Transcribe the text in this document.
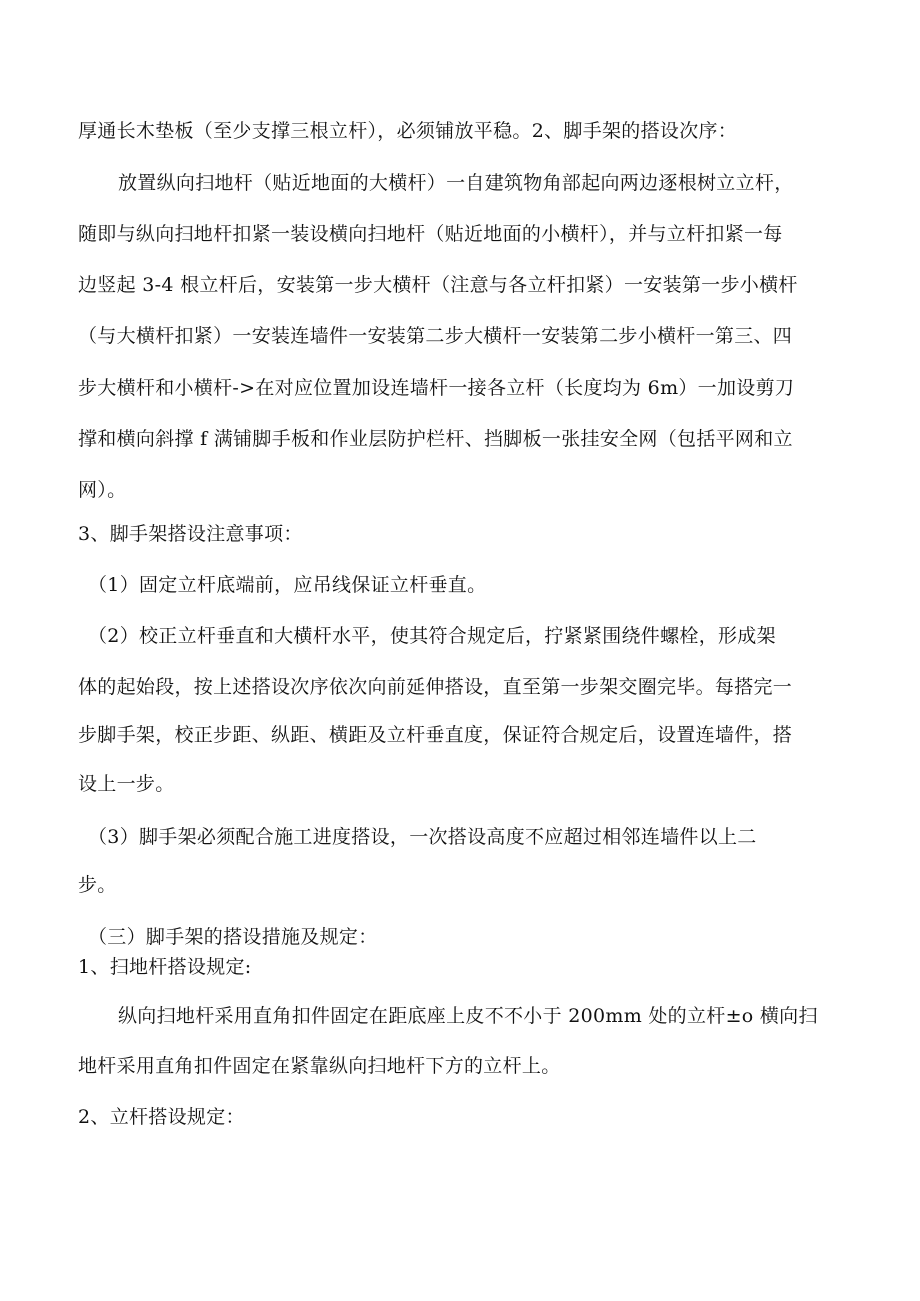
厚通长木垫板（至少支撑三根立杆），必须铺放平稳。2、脚手架的搭设次序：
放置纵向扫地杆（贴近地面的大横杆）一自建筑物角部起向两边逐根树立立杆，
随即与纵向扫地杆扣紧一装设横向扫地杆（贴近地面的小横杆），并与立杆扣紧一每
边竖起 3-4 根立杆后，安装第一步大横杆（注意与各立杆扣紧）一安装第一步小横杆
（与大横杆扣紧）一安装连墙件一安装第二步大横杆一安装第二步小横杆一第三、四
步大横杆和小横杆->在对应位置加设连墙杆一接各立杆（长度均为 6m）一加设剪刀
撑和横向斜撑 f 满铺脚手板和作业层防护栏杆、挡脚板一张挂安全网（包括平网和立
网）。
3、脚手架搭设注意事项：
（1）固定立杆底端前，应吊线保证立杆垂直。
（2）校正立杆垂直和大横杆水平，使其符合规定后，拧紧紧围绕件螺栓，形成架
体的起始段，按上述搭设次序依次向前延伸搭设，直至第一步架交圈完毕。每搭完一
步脚手架，校正步距、纵距、横距及立杆垂直度，保证符合规定后，设置连墙件，搭
设上一步。
（3）脚手架必须配合施工进度搭设，一次搭设高度不应超过相邻连墙件以上二
步。
（三）脚手架的搭设措施及规定：
1、扫地杆搭设规定:
纵向扫地杆采用直角扣件固定在距底座上皮不不小于 200mm 处的立杆±o 横向扫
地杆采用直角扣件固定在紧靠纵向扫地杆下方的立杆上。
2、立杆搭设规定：
